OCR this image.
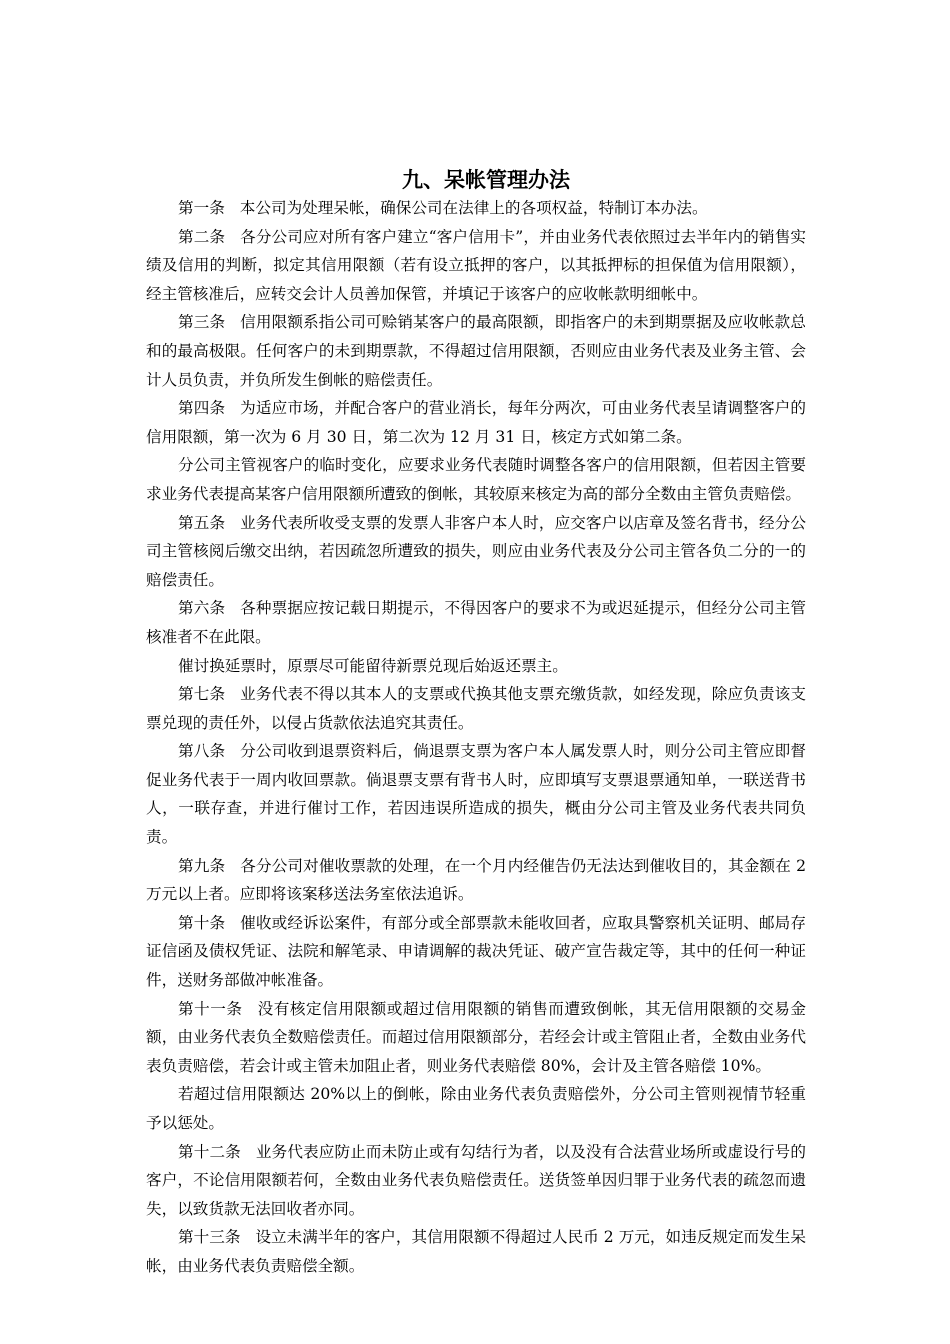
九、呆帐管理办法

第一条 本公司为处理呆帐，确保公司在法律上的各项权益，特制订本办法。

第二条 各分公司应对所有客户建立“客户信用卡”，并由业务代表依照过去半年内的销售实绩及信用的判断，拟定其信用限额（若有设立抵押的客户，以其抵押标的担保值为信用限额），经主管核准后，应转交会计人员善加保管，并填记于该客户的应收帐款明细帐中。

第三条 信用限额系指公司可赊销某客户的最高限额，即指客户的未到期票据及应收帐款总和的最高极限。任何客户的未到期票款，不得超过信用限额，否则应由业务代表及业务主管、会计人员负责，并负所发生倒帐的赔偿责任。

第四条 为适应市场，并配合客户的营业消长，每年分两次，可由业务代表呈请调整客户的信用限额，第一次为 6 月 30 日，第二次为 12 月 31 日，核定方式如第二条。

分公司主管视客户的临时变化，应要求业务代表随时调整各客户的信用限额，但若因主管要求业务代表提高某客户信用限额所遭致的倒帐，其较原来核定为高的部分全数由主管负责赔偿。

第五条 业务代表所收受支票的发票人非客户本人时，应交客户以店章及签名背书，经分公司主管核阅后缴交出纳，若因疏忽所遭致的损失，则应由业务代表及分公司主管各负二分的一的赔偿责任。

第六条 各种票据应按记载日期提示，不得因客户的要求不为或迟延提示，但经分公司主管核准者不在此限。

催讨换延票时，原票尽可能留待新票兑现后始返还票主。

第七条 业务代表不得以其本人的支票或代换其他支票充缴货款，如经发现，除应负责该支票兑现的责任外，以侵占货款依法追究其责任。

第八条 分公司收到退票资料后，倘退票支票为客户本人属发票人时，则分公司主管应即督促业务代表于一周内收回票款。倘退票支票有背书人时，应即填写支票退票通知单，一联送背书人，一联存查，并进行催讨工作，若因违误所造成的损失，概由分公司主管及业务代表共同负责。

第九条 各分公司对催收票款的处理，在一个月内经催告仍无法达到催收目的，其金额在 2 万元以上者。应即将该案移送法务室依法追诉。

第十条 催收或经诉讼案件，有部分或全部票款未能收回者，应取具警察机关证明、邮局存证信函及债权凭证、法院和解笔录、申请调解的裁决凭证、破产宣告裁定等，其中的任何一种证件，送财务部做冲帐准备。

第十一条 没有核定信用限额或超过信用限额的销售而遭致倒帐，其无信用限额的交易金额，由业务代表负全数赔偿责任。而超过信用限额部分，若经会计或主管阻止者，全数由业务代表负责赔偿，若会计或主管未加阻止者，则业务代表赔偿 80%，会计及主管各赔偿 10%。

若超过信用限额达 20%以上的倒帐，除由业务代表负责赔偿外，分公司主管则视情节轻重予以惩处。

第十二条 业务代表应防止而未防止或有勾结行为者，以及没有合法营业场所或虚设行号的客户，不论信用限额若何，全数由业务代表负赔偿责任。送货签单因归罪于业务代表的疏忽而遗失，以致货款无法回收者亦同。

第十三条 设立未满半年的客户，其信用限额不得超过人民币 2 万元，如违反规定而发生呆帐，由业务代表负责赔偿全额。
